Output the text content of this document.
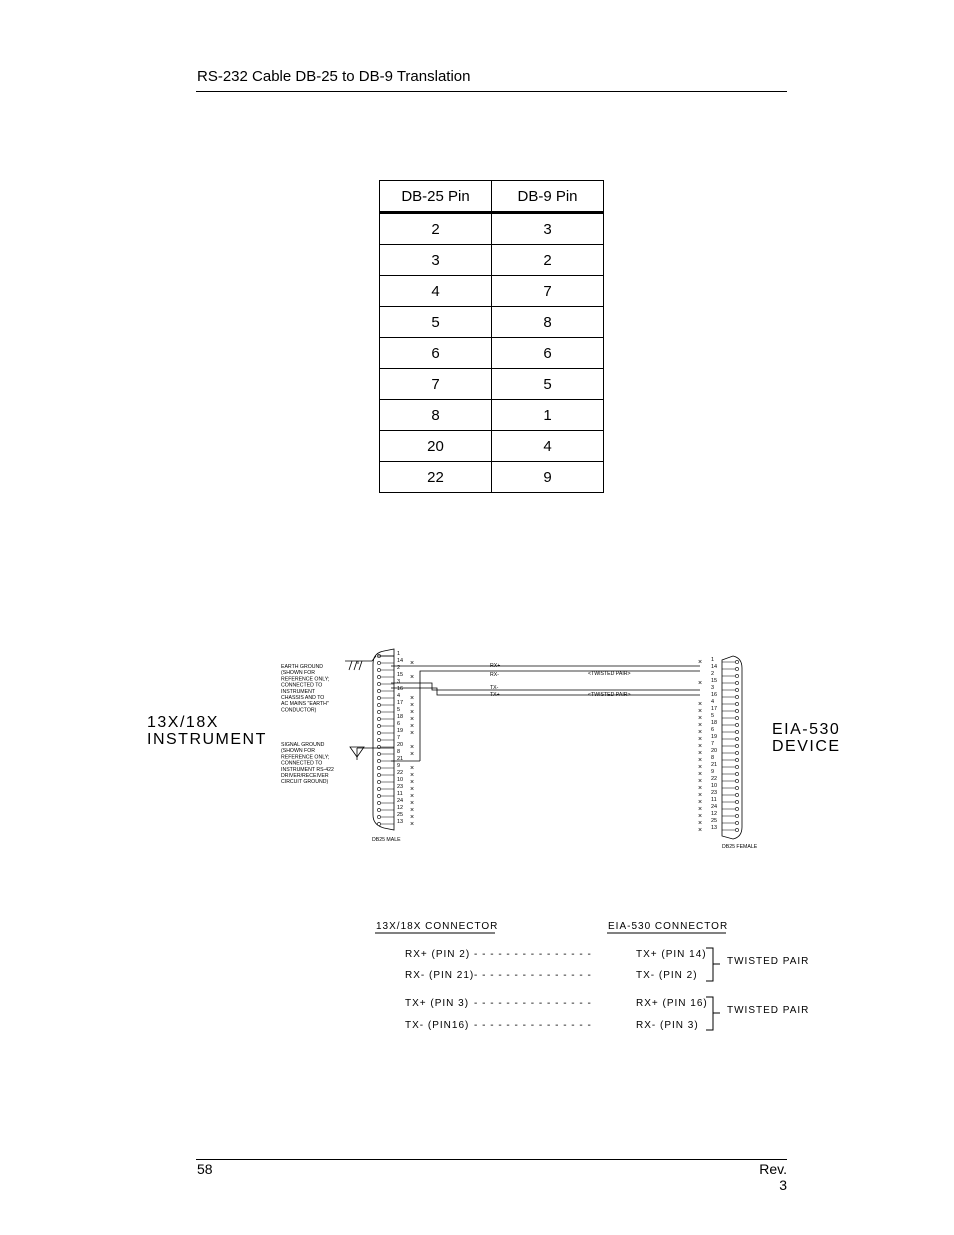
RS-232 Cable DB-25 to DB-9 Translation
DB-25 Pin	DB-9 Pin
2	3
3	2
4	7
5	8
6	6
7	5
8	1
20	4
22	9
13X/18X
INSTRUMENT
EIA-530
DEVICE
EARTH GROUND
(SHOWN FOR
REFERENCE ONLY;
CONNECTED TO
INSTRUMENT
CHASSIS AND TO
AC MAINS "EARTH"
CONDUCTOR)
SIGNAL GROUND
(SHOWN FOR
REFERENCE ONLY;
CONNECTED TO
INSTRUMENT RS-422
DRIVER/RECEIVER
CIRCUIT GROUND)
1
14 ×
2
15 ×
3
16
4 ×
17 ×
5 ×
18 ×
6 ×
19 ×
7
20 ×
8 ×
21
9 ×
22 ×
10 ×
23 ×
11 ×
24 ×
12 ×
25 ×
13 ×
DB25 MALE
1
×
14
2
15
×
3
16
4
×
17
×
5
×
18
×
6
×
19
×
7
×
20
×
8
×
21
×
9
×
22
×
10
×
23
×
11
×
24
×
12
×
25
×
13
×
DB25 FEMALE
RX+
RX-
TX-
TX+
<TWISTED PAIR>
<TWISTED PAIR>
13X/18X CONNECTOR	EIA-530 CONNECTOR
RX+ (PIN 2) - - - - - - - - - - - - - - -	TX+ (PIN 14)
RX- (PIN 21) - - - - - - - - - - - - - - -	TX- (PIN 2)
TX+ (PIN 3) - - - - - - - - - - - - - - -	RX+ (PIN 16)
TX- (PIN16) - - - - - - - - - - - - - - -	RX- (PIN 3)
TWISTED PAIR
TWISTED PAIR
58	Rev. 3
